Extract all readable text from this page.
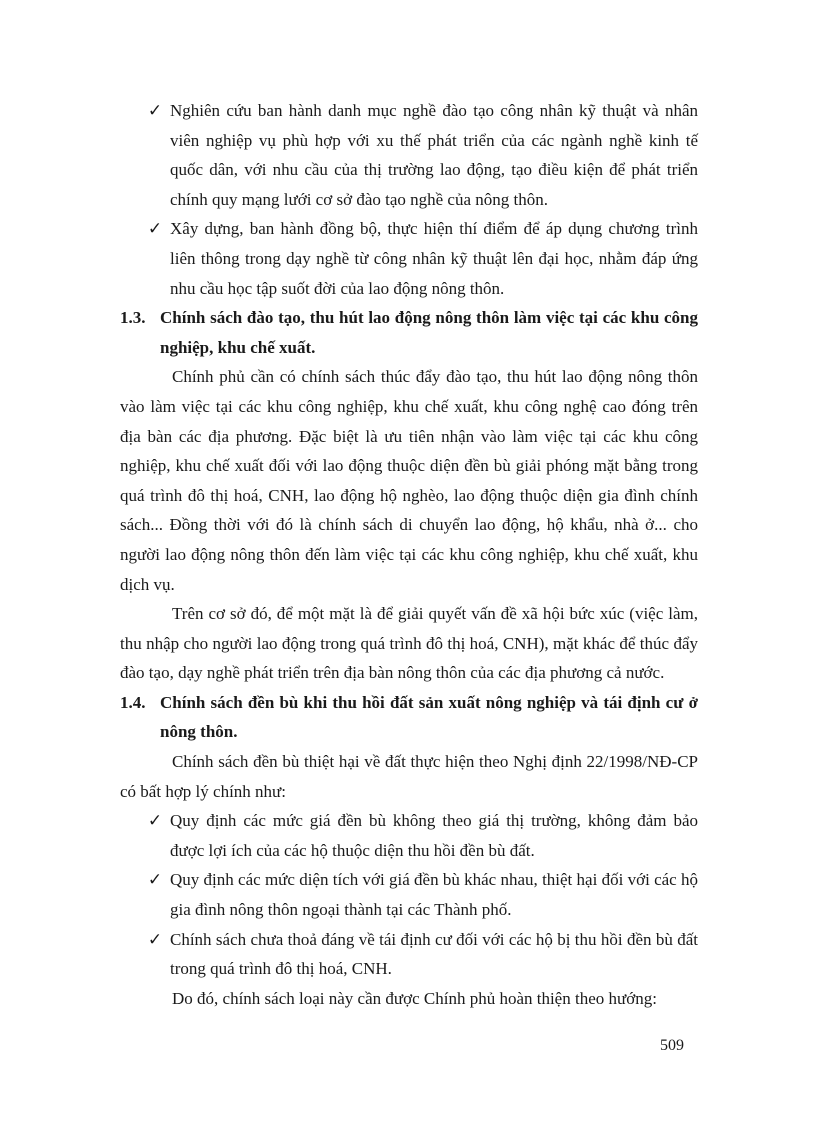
✓ Nghiên cứu ban hành danh mục nghề đào tạo công nhân kỹ thuật và nhân viên nghiệp vụ phù hợp với xu thế phát triển của các ngành nghề kinh tế quốc dân, với nhu cầu của thị trường lao động, tạo điều kiện để phát triển chính quy mạng lưới cơ sở đào tạo nghề của nông thôn.
✓ Xây dựng, ban hành đồng bộ, thực hiện thí điểm để áp dụng chương trình liên thông trong dạy nghề từ công nhân kỹ thuật lên đại học, nhằm đáp ứng nhu cầu học tập suốt đời của lao động nông thôn.
1.3. Chính sách đào tạo, thu hút lao động nông thôn làm việc tại các khu công nghiệp, khu chế xuất.
Chính phủ cần có chính sách thúc đẩy đào tạo, thu hút lao động nông thôn vào làm việc tại các khu công nghiệp, khu chế xuất, khu công nghệ cao đóng trên địa bàn các địa phương. Đặc biệt là ưu tiên nhận vào làm việc tại các khu công nghiệp, khu chế xuất đối với lao động thuộc diện đền bù giải phóng mặt bằng trong quá trình đô thị hoá, CNH, lao động hộ nghèo, lao động thuộc diện gia đình chính sách... Đồng thời với đó là chính sách di chuyển lao động, hộ khẩu, nhà ở... cho người lao động nông thôn đến làm việc tại các khu công nghiệp, khu chế xuất, khu dịch vụ.
Trên cơ sở đó, để một mặt là để giải quyết vấn đề xã hội bức xúc (việc làm, thu nhập cho người lao động trong quá trình đô thị hoá, CNH), mặt khác để thúc đẩy đào tạo, dạy nghề phát triển trên địa bàn nông thôn của các địa phương cả nước.
1.4. Chính sách đền bù khi thu hồi đất sản xuất nông nghiệp và tái định cư ở nông thôn.
Chính sách đền bù thiệt hại về đất thực hiện theo Nghị định 22/1998/NĐ-CP có bất hợp lý chính như:
✓ Quy định các mức giá đền bù không theo giá thị trường, không đảm bảo được lợi ích của các hộ thuộc diện thu hồi đền bù đất.
✓ Quy định các mức diện tích với giá đền bù khác nhau, thiệt hại đối với các hộ gia đình nông thôn ngoại thành tại các Thành phố.
✓ Chính sách chưa thoả đáng về tái định cư đối với các hộ bị thu hồi đền bù đất trong quá trình đô thị hoá, CNH.
Do đó, chính sách loại này cần được Chính phủ hoàn thiện theo hướng:
509
